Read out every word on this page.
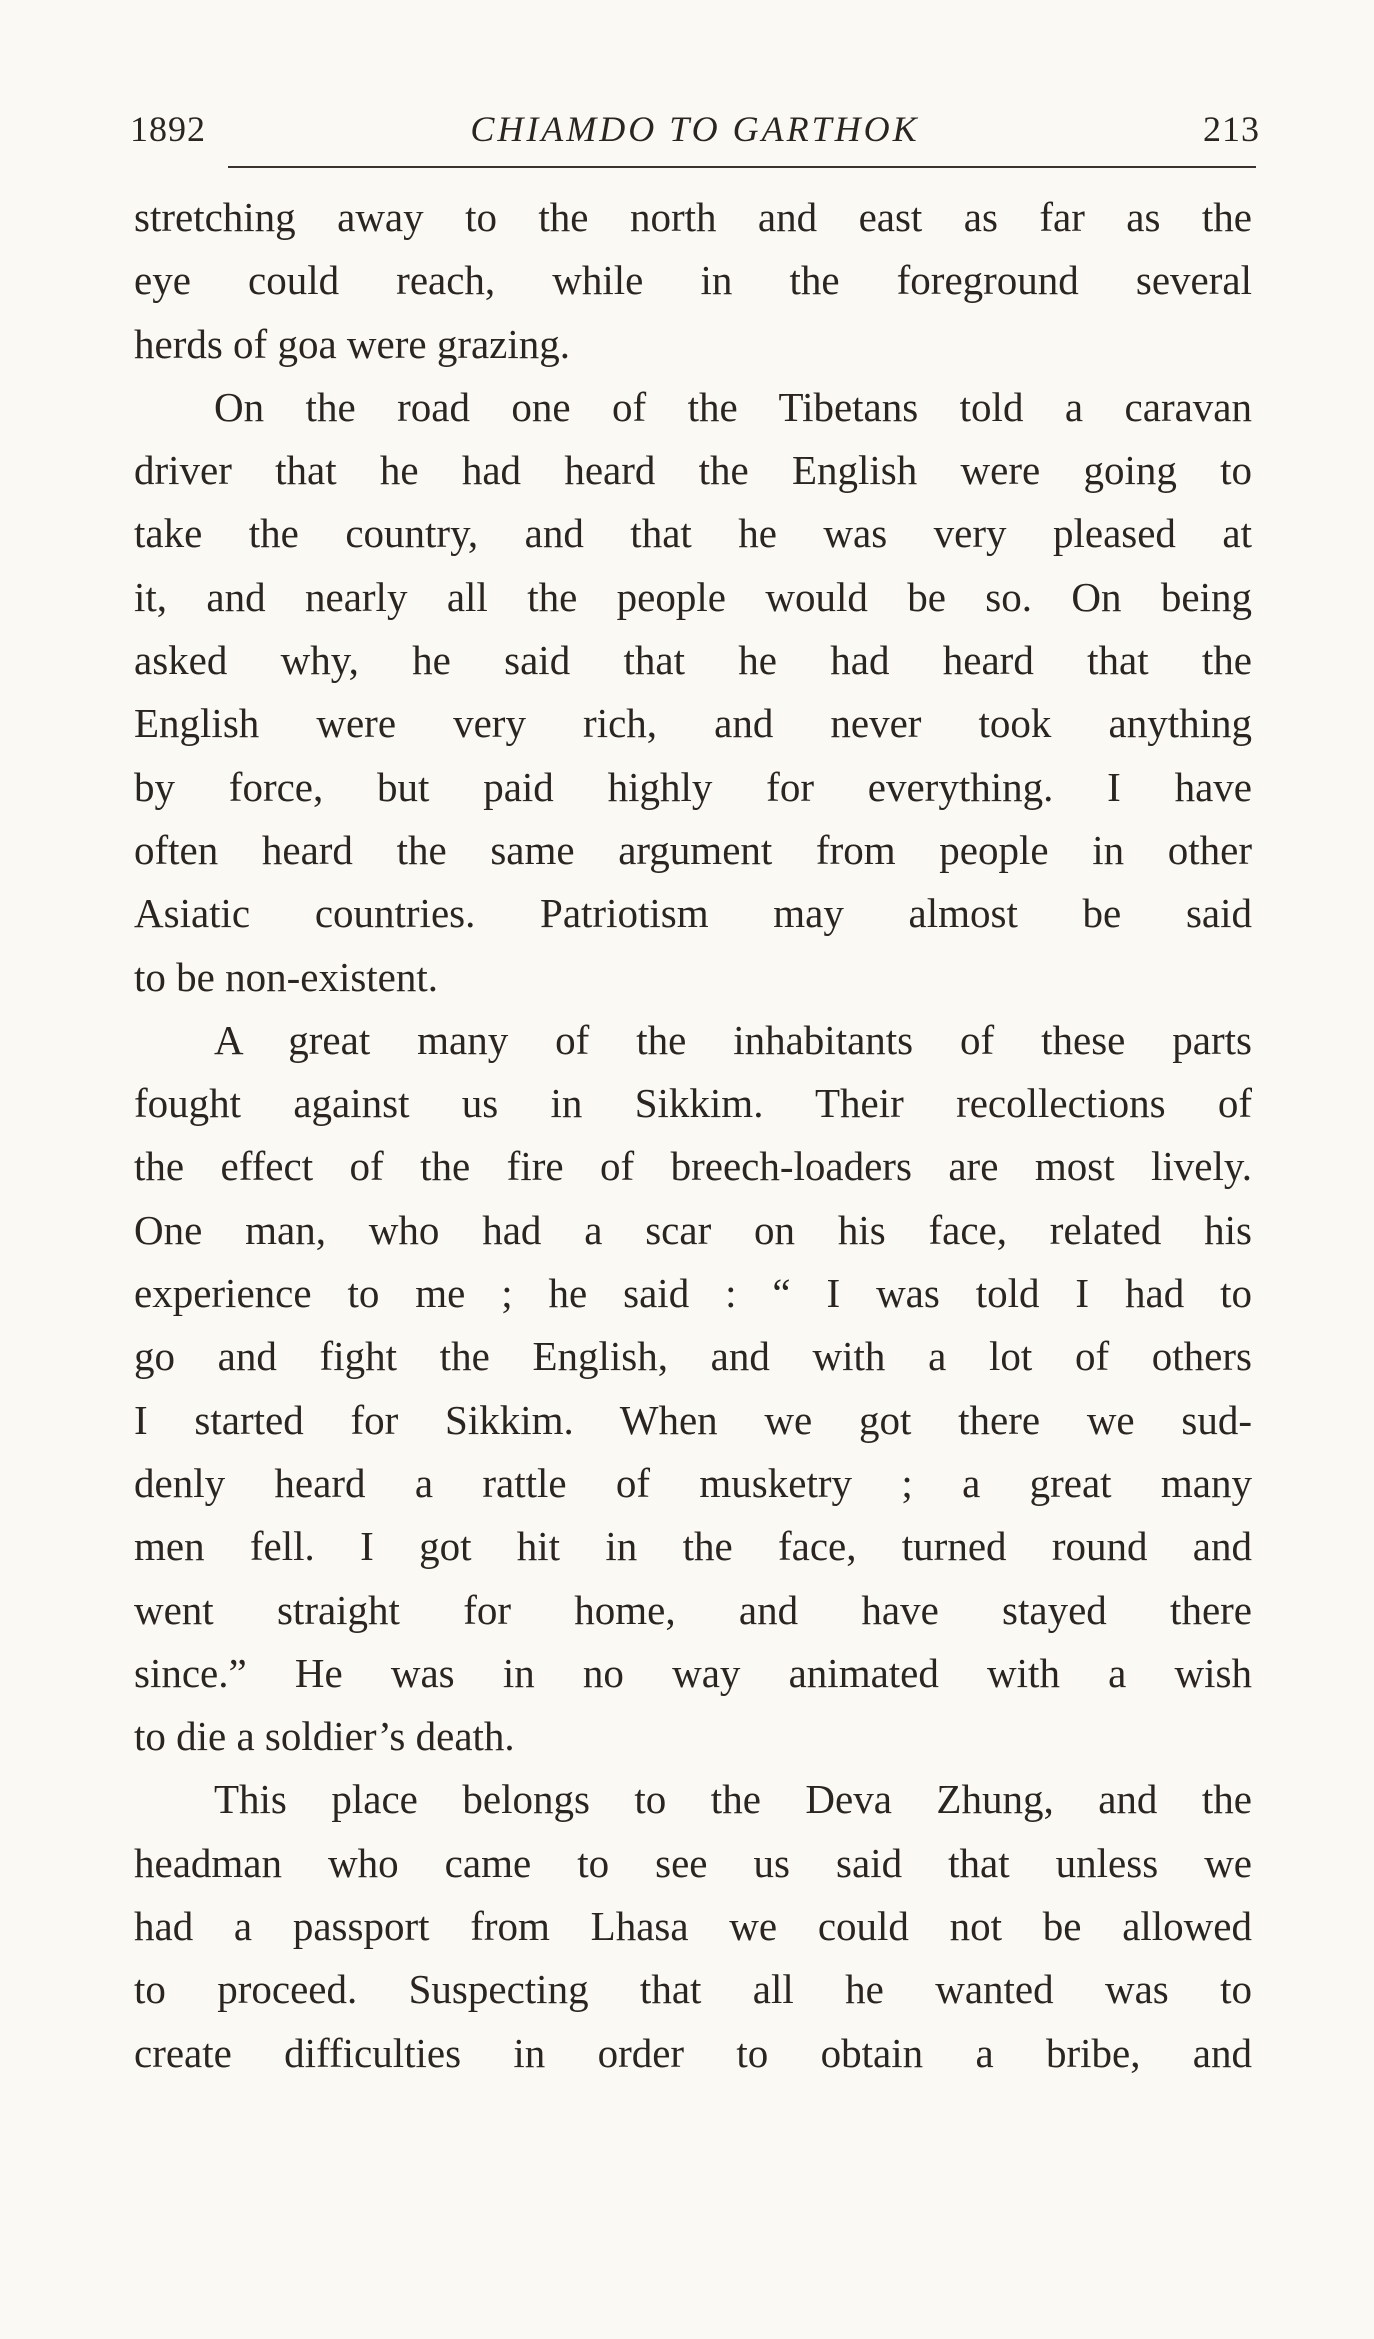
1892	CHIAMDO TO GARTHOK	213
stretching away to the north and east as far as the
eye could reach, while in the foreground several
herds of goa were grazing.
On the road one of the Tibetans told a caravan
driver that he had heard the English were going to
take the country, and that he was very pleased at
it, and nearly all the people would be so. On being
asked why, he said that he had heard that the
English were very rich, and never took anything
by force, but paid highly for everything. I have
often heard the same argument from people in other
Asiatic countries. Patriotism may almost be said
to be non-existent.
A great many of the inhabitants of these parts
fought against us in Sikkim. Their recollections of
the effect of the fire of breech-loaders are most lively.
One man, who had a scar on his face, related his
experience to me ; he said : “ I was told I had to
go and fight the English, and with a lot of others
I started for Sikkim. When we got there we sud-
denly heard a rattle of musketry ; a great many
men fell. I got hit in the face, turned round and
went straight for home, and have stayed there
since.” He was in no way animated with a wish
to die a soldier’s death.
This place belongs to the Deva Zhung, and the
headman who came to see us said that unless we
had a passport from Lhasa we could not be allowed
to proceed. Suspecting that all he wanted was to
create difficulties in order to obtain a bribe, and
